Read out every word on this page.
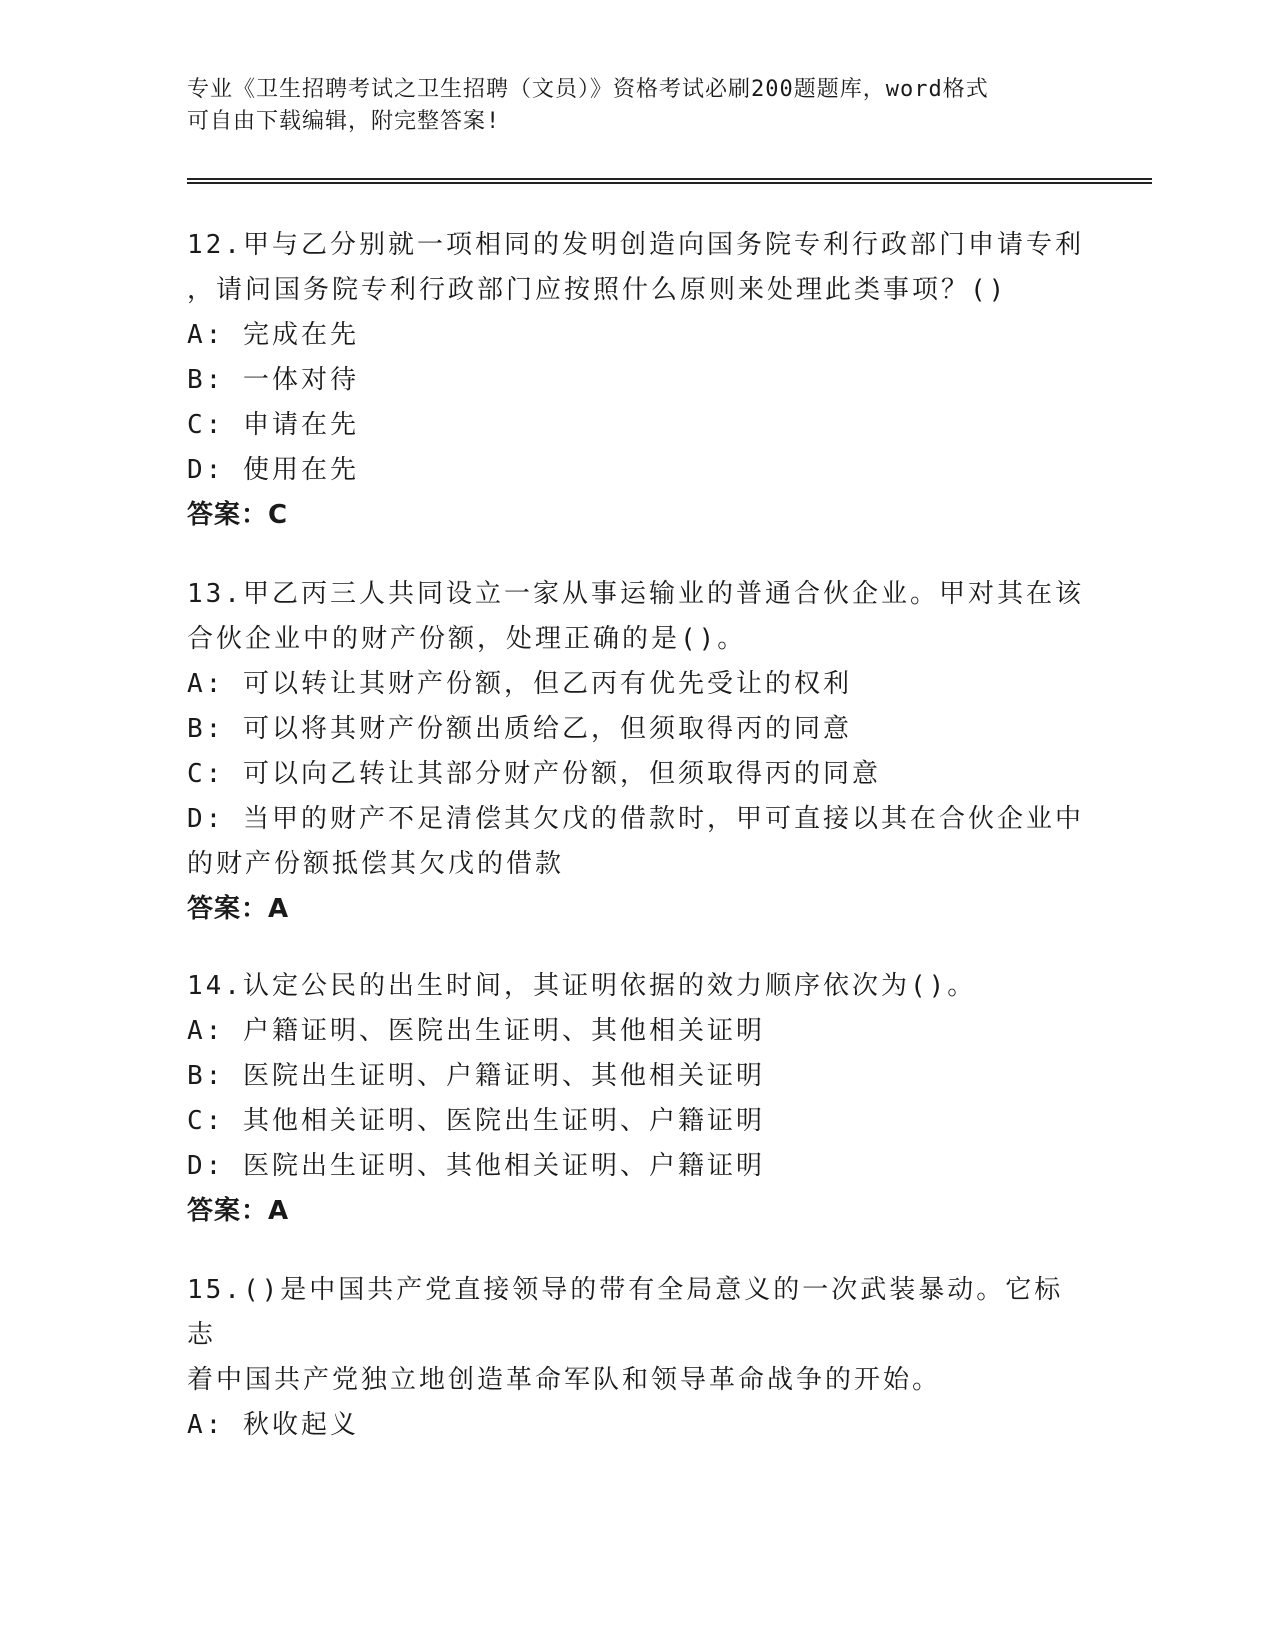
专业《卫生招聘考试之卫生招聘（文员）》资格考试必刷200题题库，word格式
可自由下载编辑，附完整答案!
12.甲与乙分别就一项相同的发明创造向国务院专利行政部门申请专利
，请问国务院专利行政部门应按照什么原则来处理此类事项？()
A: 完成在先
B: 一体对待
C: 申请在先
D: 使用在先
答案：C
13.甲乙丙三人共同设立一家从事运输业的普通合伙企业。甲对其在该
合伙企业中的财产份额，处理正确的是()。
A: 可以转让其财产份额，但乙丙有优先受让的权利
B: 可以将其财产份额出质给乙，但须取得丙的同意
C: 可以向乙转让其部分财产份额，但须取得丙的同意
D: 当甲的财产不足清偿其欠戊的借款时，甲可直接以其在合伙企业中
的财产份额抵偿其欠戊的借款
答案：A
14.认定公民的出生时间，其证明依据的效力顺序依次为()。
A: 户籍证明、医院出生证明、其他相关证明
B: 医院出生证明、户籍证明、其他相关证明
C: 其他相关证明、医院出生证明、户籍证明
D: 医院出生证明、其他相关证明、户籍证明
答案：A
15.()是中国共产党直接领导的带有全局意义的一次武装暴动。它标志
着中国共产党独立地创造革命军队和领导革命战争的开始。
A: 秋收起义
